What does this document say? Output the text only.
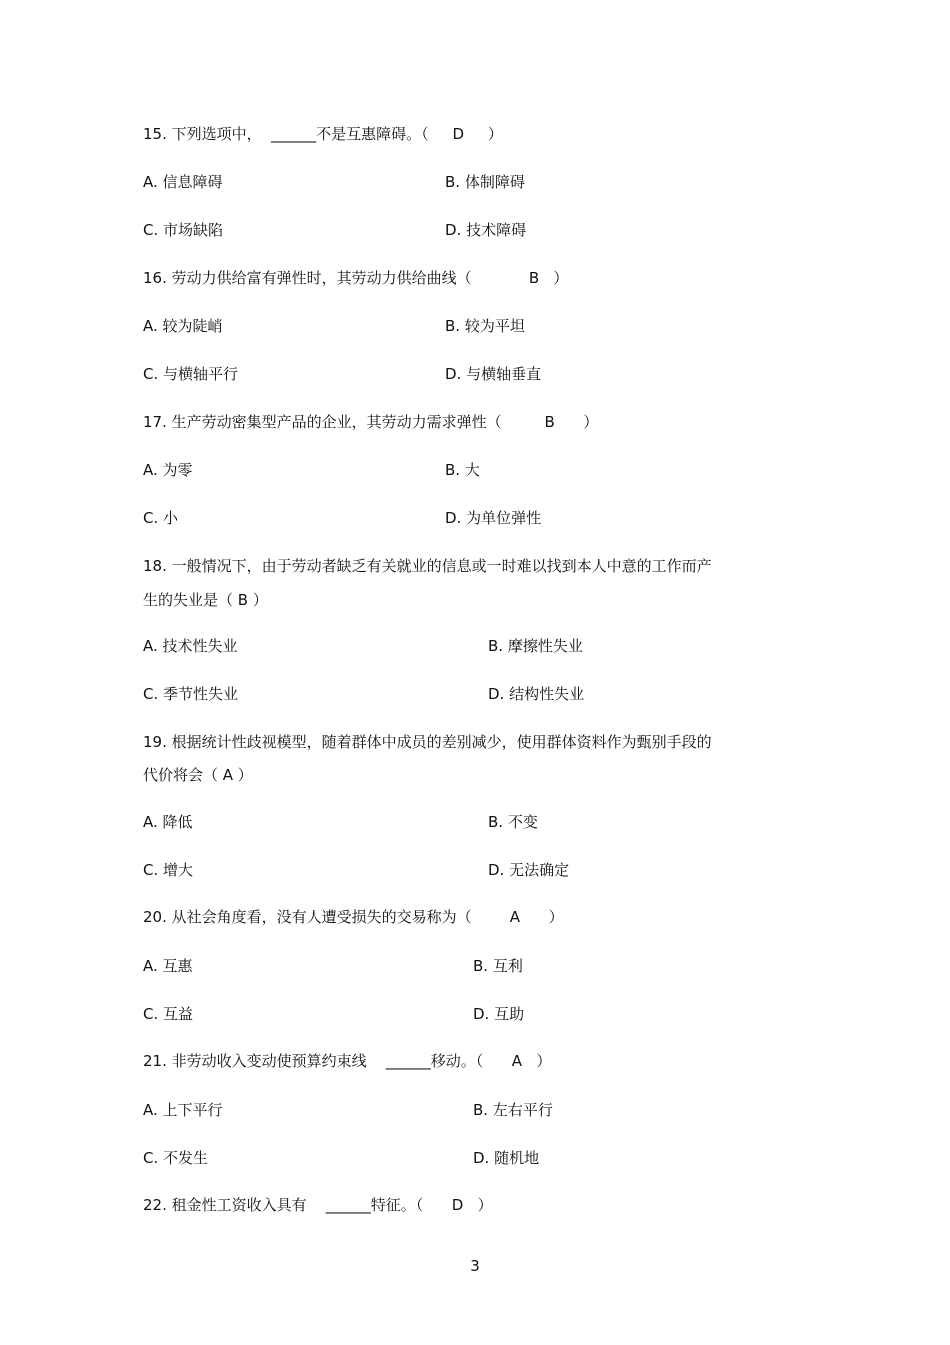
15. 下列选项中，  ______不是互惠障碍。（     D     ）
A. 信息障碍	B. 体制障碍
C. 市场缺陷	D. 技术障碍
16. 劳动力供给富有弹性时，其劳动力供给曲线（            B   ）
A. 较为陡峭	B. 较为平坦
C. 与横轴平行	D. 与横轴垂直
17. 生产劳动密集型产品的企业，其劳动力需求弹性（         B      ）
A. 为零	B. 大
C. 小	D. 为单位弹性
18. 一般情况下，由于劳动者缺乏有关就业的信息或一时难以找到本人中意的工作而产
生的失业是（ B ）
A. 技术性失业	B. 摩擦性失业
C. 季节性失业	D. 结构性失业
19. 根据统计性歧视模型，随着群体中成员的差别减少，使用群体资料作为甄别手段的
代价将会（ A ）
A. 降低	B. 不变
C. 增大	D. 无法确定
20. 从社会角度看，没有人遭受损失的交易称为（        A      ）
A. 互惠	B. 互利
C. 互益	D. 互助
21. 非劳动收入变动使预算约束线    ______移动。（      A   ）
A. 上下平行	B. 左右平行
C. 不发生	D. 随机地
22. 租金性工资收入具有    ______特征。（      D   ）
3
